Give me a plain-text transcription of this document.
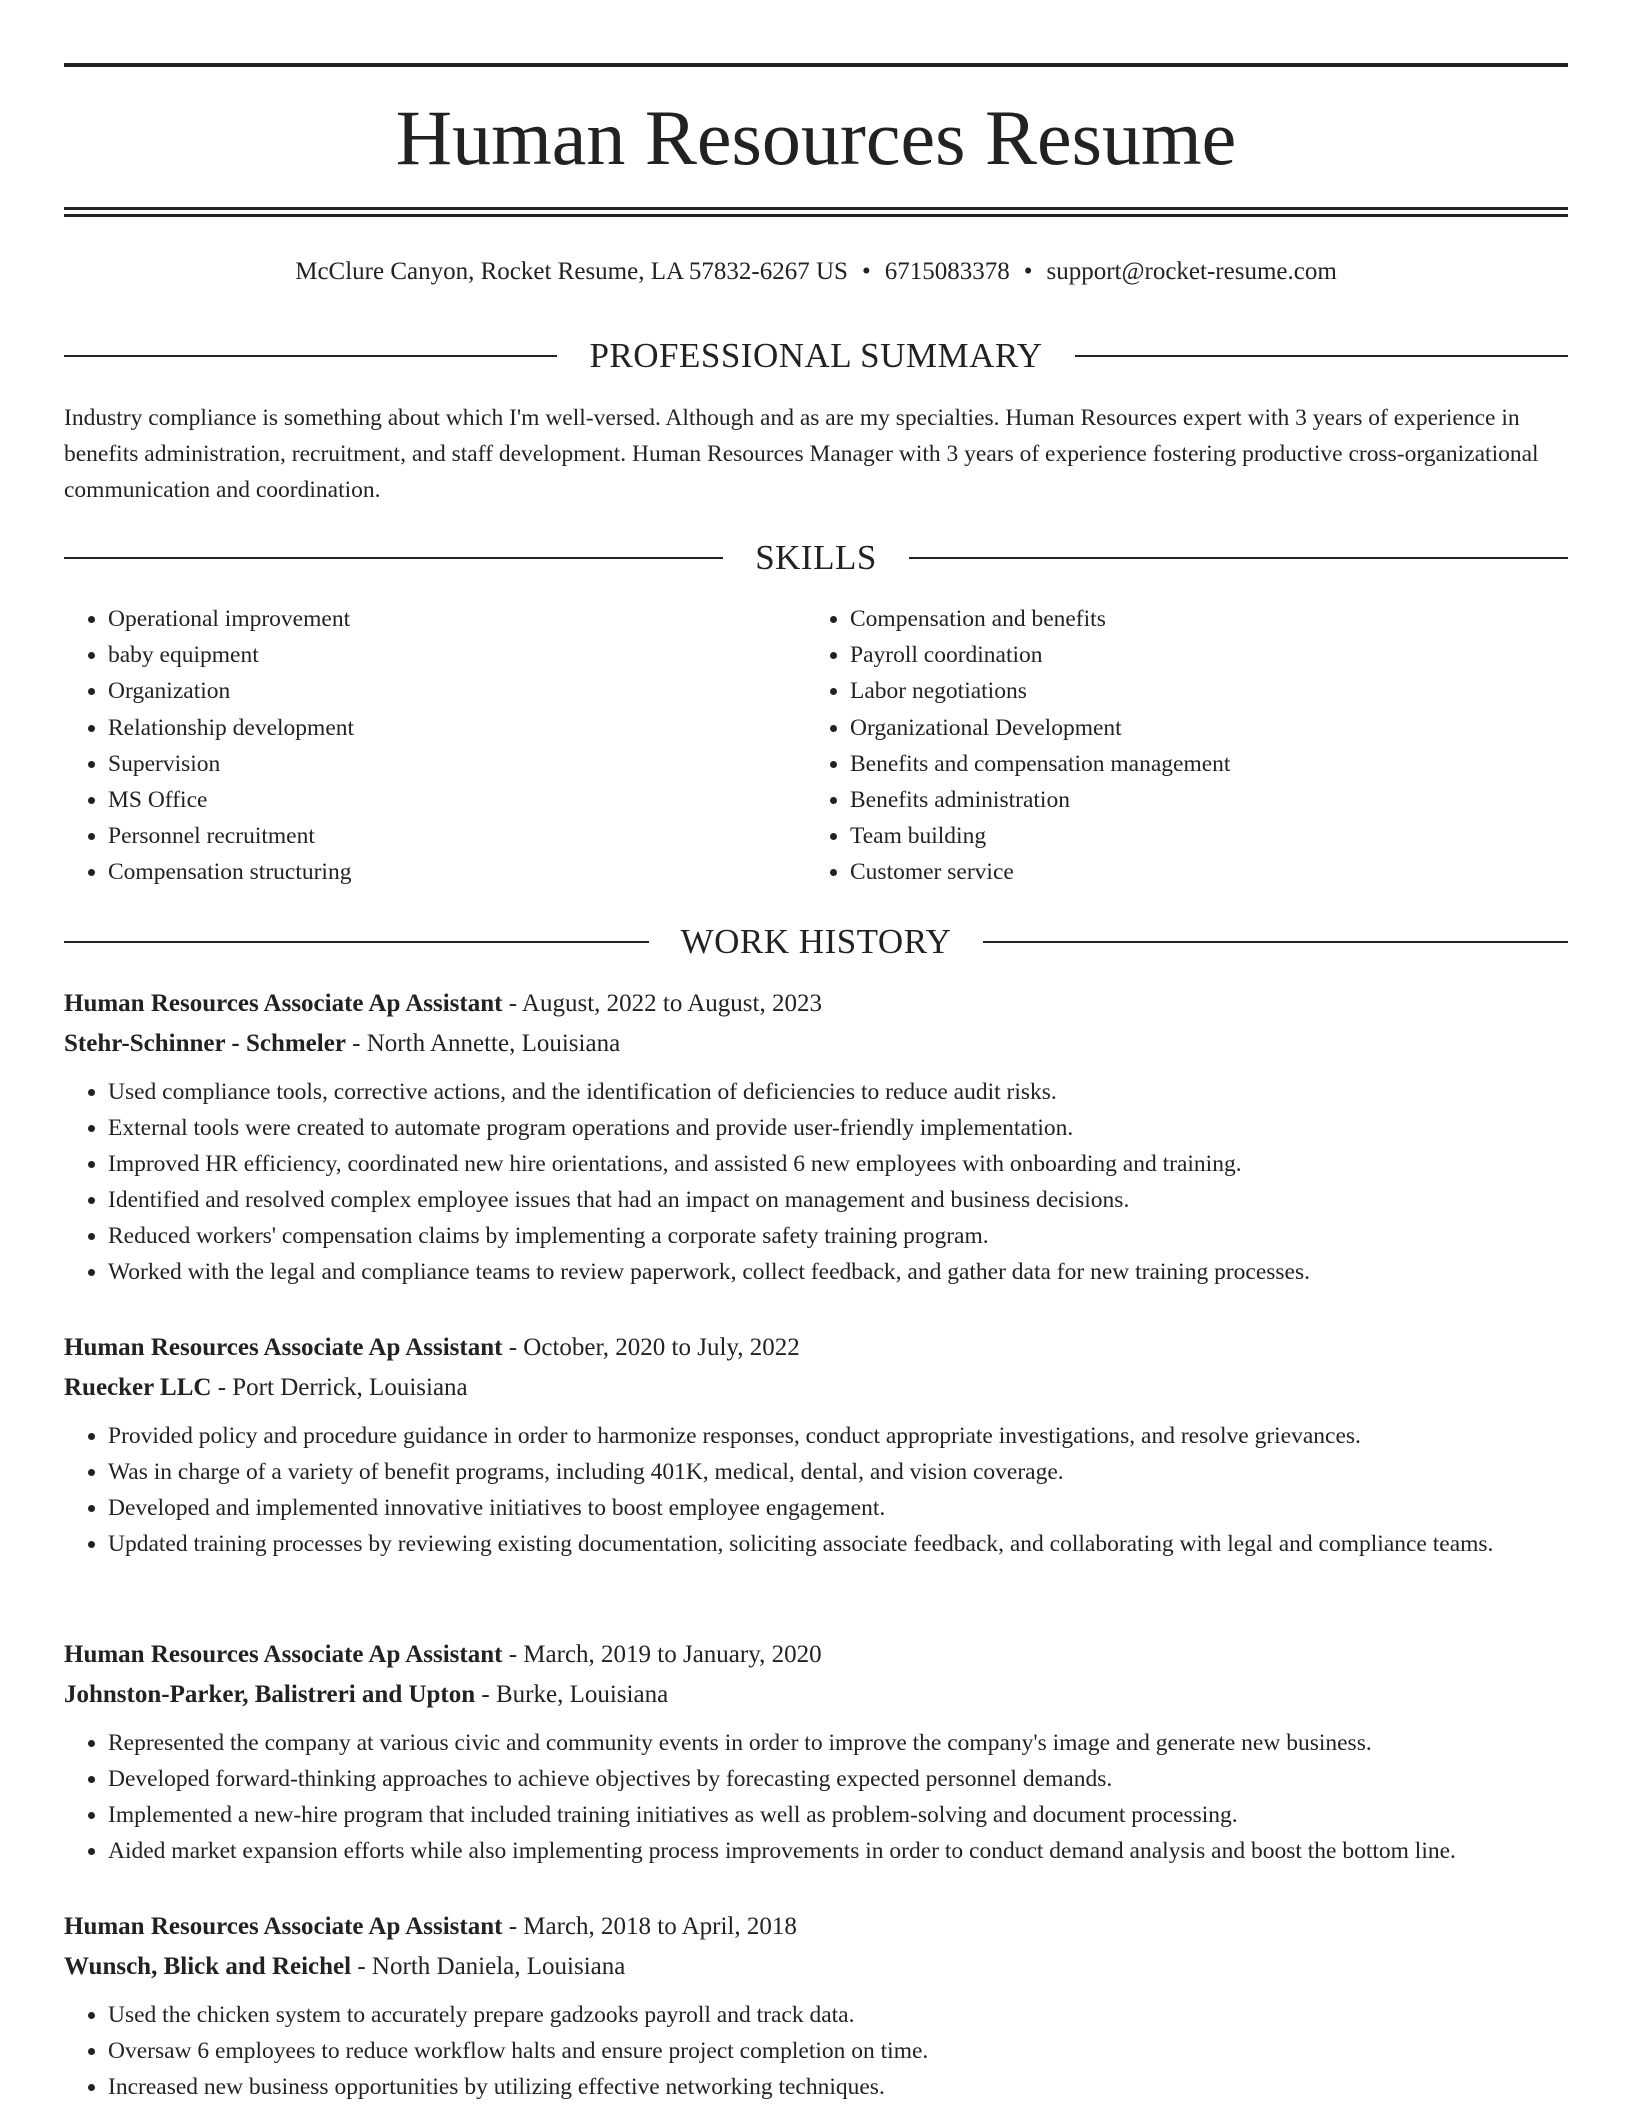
Human Resources Resume
McClure Canyon, Rocket Resume, LA 57832-6267 US • 6715083378 • support@rocket-resume.com
PROFESSIONAL SUMMARY

Industry compliance is something about which I'm well-versed. Although and as are my specialties. Human Resources expert with 3 years of experience in benefits administration, recruitment, and staff development. Human Resources Manager with 3 years of experience fostering productive cross-organizational communication and coordination.

SKILLS
• Operational improvement
• baby equipment
• Organization
• Relationship development
• Supervision
• MS Office
• Personnel recruitment
• Compensation structuring
• Compensation and benefits
• Payroll coordination
• Labor negotiations
• Organizational Development
• Benefits and compensation management
• Benefits administration
• Team building
• Customer service
WORK HISTORY
Human Resources Associate Ap Assistant - August, 2022 to August, 2023
Stehr-Schinner - Schmeler - North Annette, Louisiana
• Used compliance tools, corrective actions, and the identification of deficiencies to reduce audit risks.
• External tools were created to automate program operations and provide user-friendly implementation.
• Improved HR efficiency, coordinated new hire orientations, and assisted 6 new employees with onboarding and training.
• Identified and resolved complex employee issues that had an impact on management and business decisions.
• Reduced workers' compensation claims by implementing a corporate safety training program.
• Worked with the legal and compliance teams to review paperwork, collect feedback, and gather data for new training processes.
Human Resources Associate Ap Assistant - October, 2020 to July, 2022
Ruecker LLC - Port Derrick, Louisiana
• Provided policy and procedure guidance in order to harmonize responses, conduct appropriate investigations, and resolve grievances.
• Was in charge of a variety of benefit programs, including 401K, medical, dental, and vision coverage.
• Developed and implemented innovative initiatives to boost employee engagement.
• Updated training processes by reviewing existing documentation, soliciting associate feedback, and collaborating with legal and compliance teams.
Human Resources Associate Ap Assistant - March, 2019 to January, 2020
Johnston-Parker, Balistreri and Upton - Burke, Louisiana
• Represented the company at various civic and community events in order to improve the company's image and generate new business.
• Developed forward-thinking approaches to achieve objectives by forecasting expected personnel demands.
• Implemented a new-hire program that included training initiatives as well as problem-solving and document processing.
• Aided market expansion efforts while also implementing process improvements in order to conduct demand analysis and boost the bottom line.
Human Resources Associate Ap Assistant - March, 2018 to April, 2018
Wunsch, Blick and Reichel - North Daniela, Louisiana
• Used the chicken system to accurately prepare gadzooks payroll and track data.
• Oversaw 6 employees to reduce workflow halts and ensure project completion on time.
• Increased new business opportunities by utilizing effective networking techniques.
